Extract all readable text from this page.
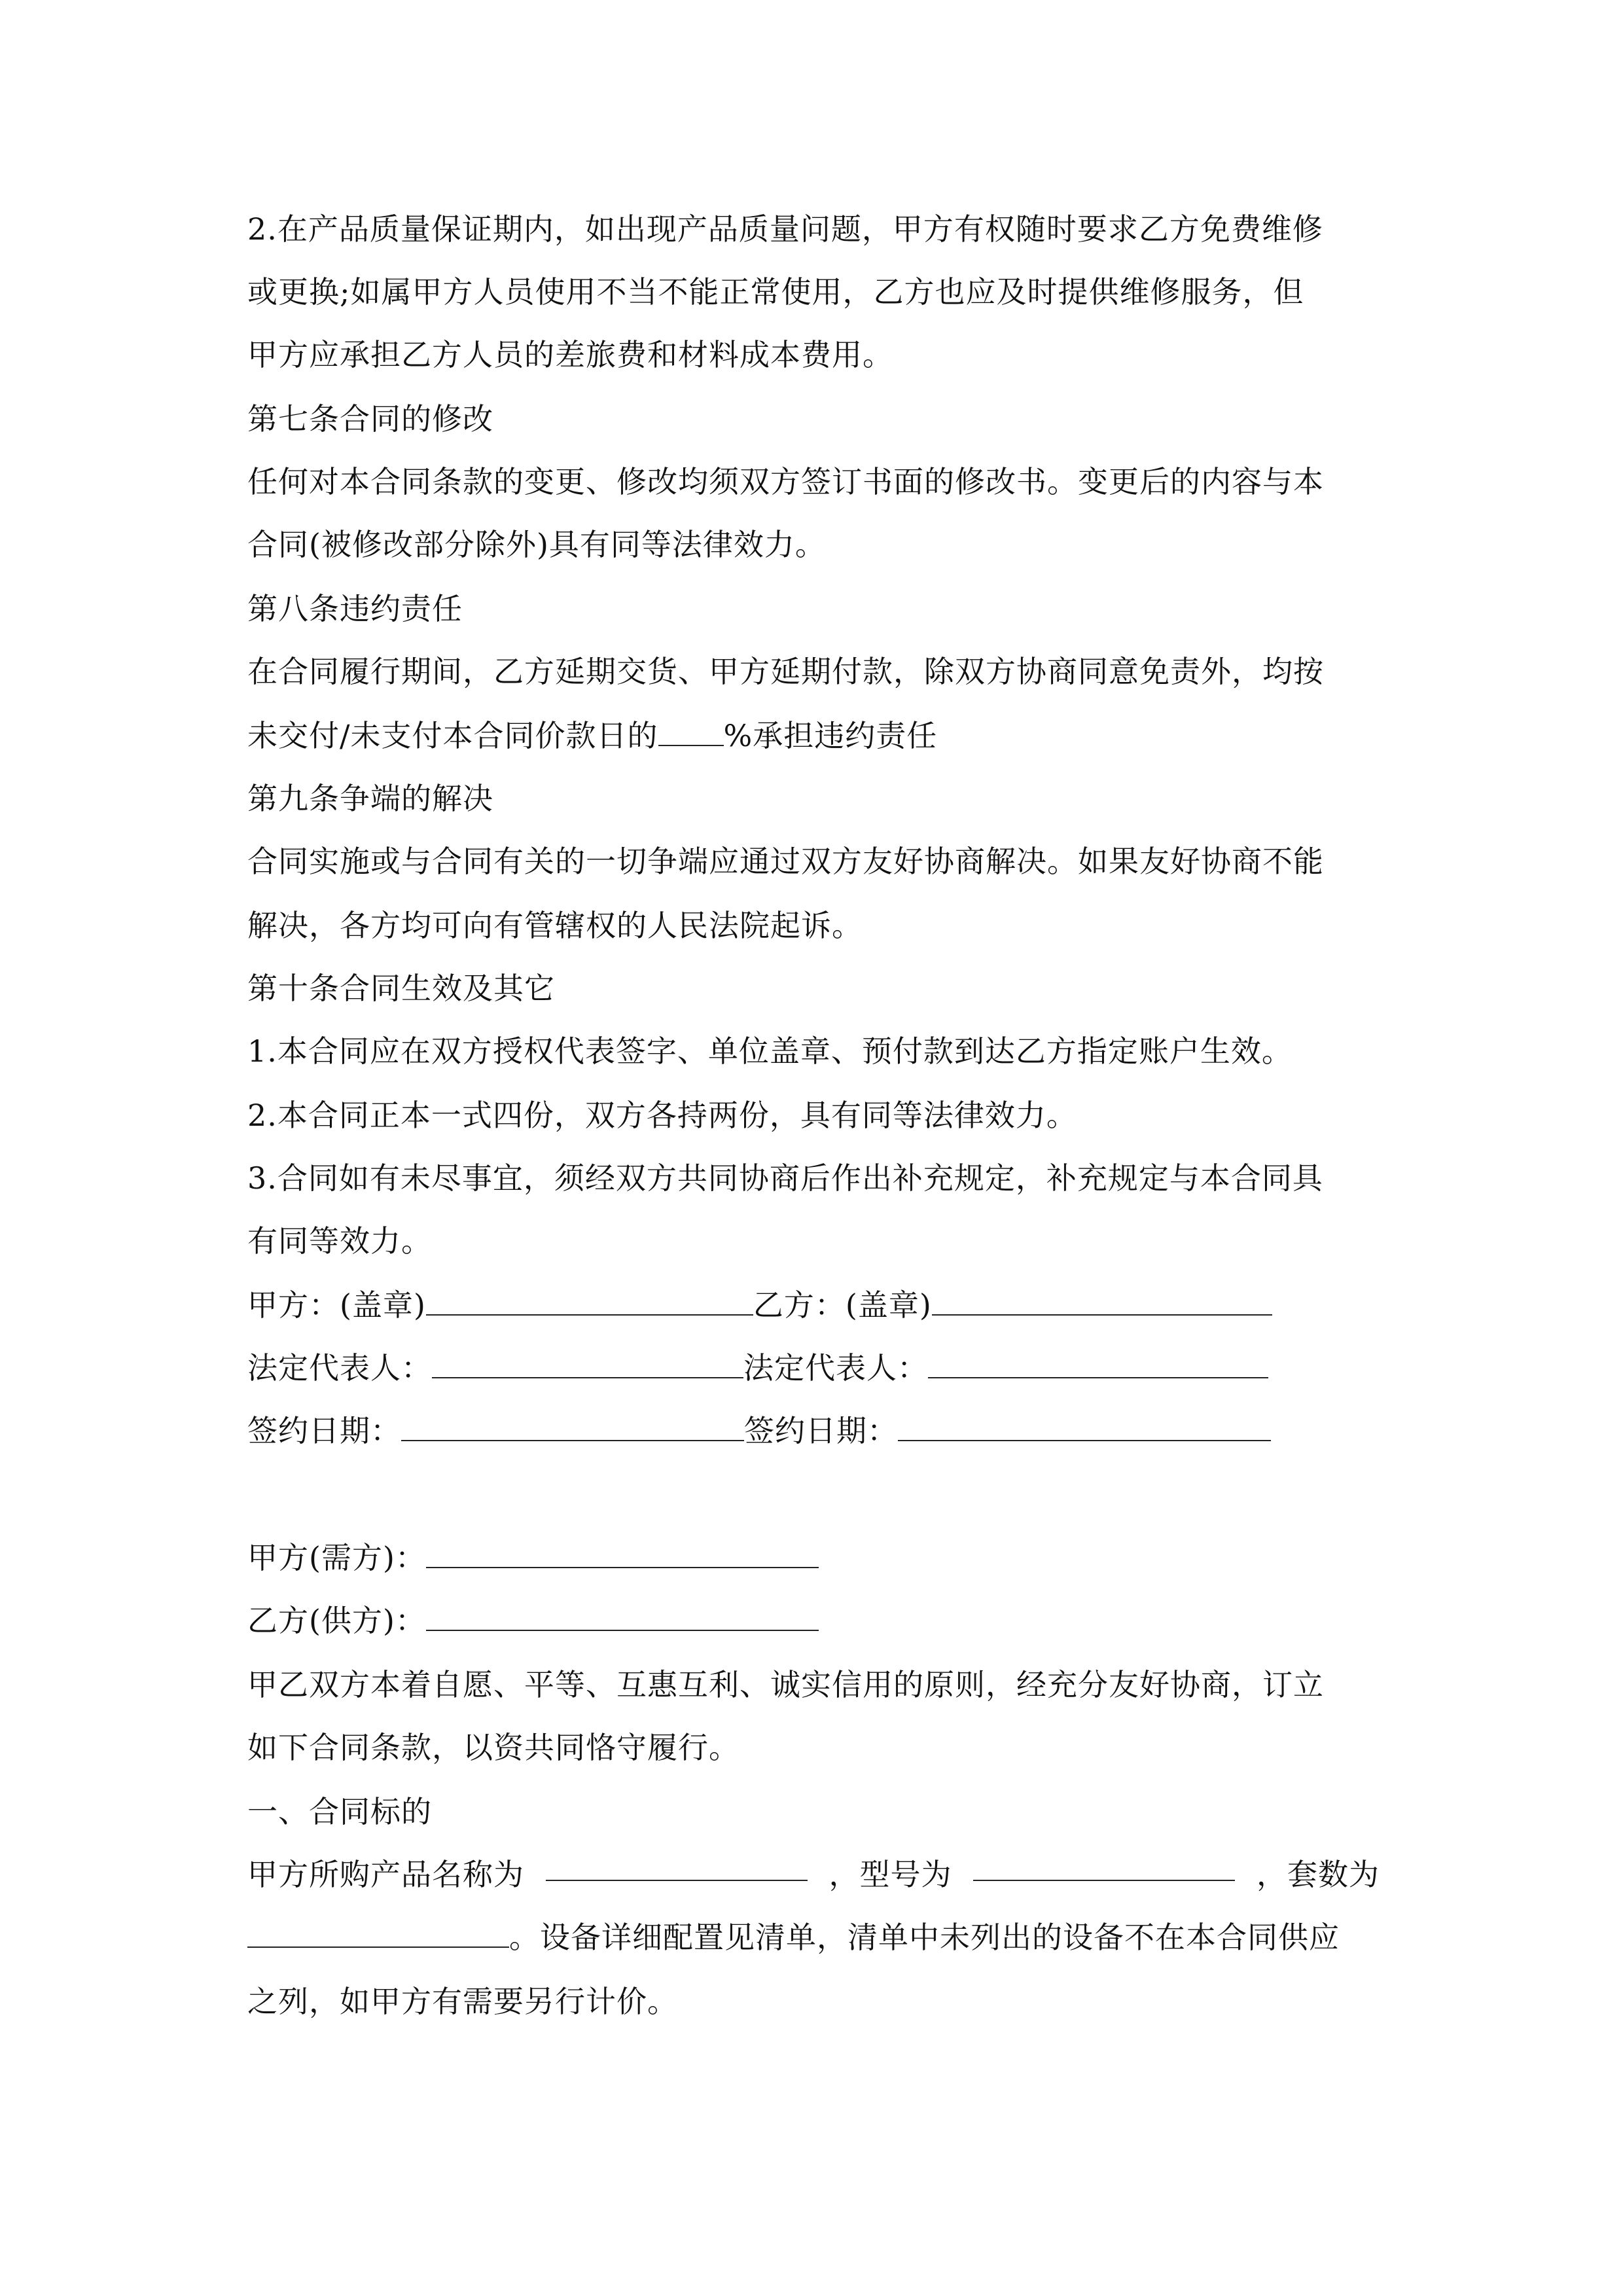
2.在产品质量保证期内，如出现产品质量问题，甲方有权随时要求乙方免费维修
或更换;如属甲方人员使用不当不能正常使用，乙方也应及时提供维修服务，但
甲方应承担乙方人员的差旅费和材料成本费用。
第七条合同的修改
任何对本合同条款的变更、修改均须双方签订书面的修改书。变更后的内容与本
合同(被修改部分除外)具有同等法律效力。
第八条违约责任
在合同履行期间，乙方延期交货、甲方延期付款，除双方协商同意免责外，均按
未交付/未支付本合同价款日的 %承担违约责任
第九条争端的解决
合同实施或与合同有关的一切争端应通过双方友好协商解决。如果友好协商不能
解决，各方均可向有管辖权的人民法院起诉。
第十条合同生效及其它
1.本合同应在双方授权代表签字、单位盖章、预付款到达乙方指定账户生效。
2.本合同正本一式四份，双方各持两份，具有同等法律效力。
3.合同如有未尽事宜，须经双方共同协商后作出补充规定，补充规定与本合同具
有同等效力。
甲方：(盖章)	乙方：(盖章)
法定代表人：	法定代表人：
签约日期：	签约日期：
甲方(需方)：
乙方(供方)：
甲乙双方本着自愿、平等、互惠互利、诚实信用的原则，经充分友好协商，订立
如下合同条款，以资共同恪守履行。
一、合同标的
甲方所购产品名称为	，型号为	，套数为
。设备详细配置见清单，清单中未列出的设备不在本合同供应
之列，如甲方有需要另行计价。
